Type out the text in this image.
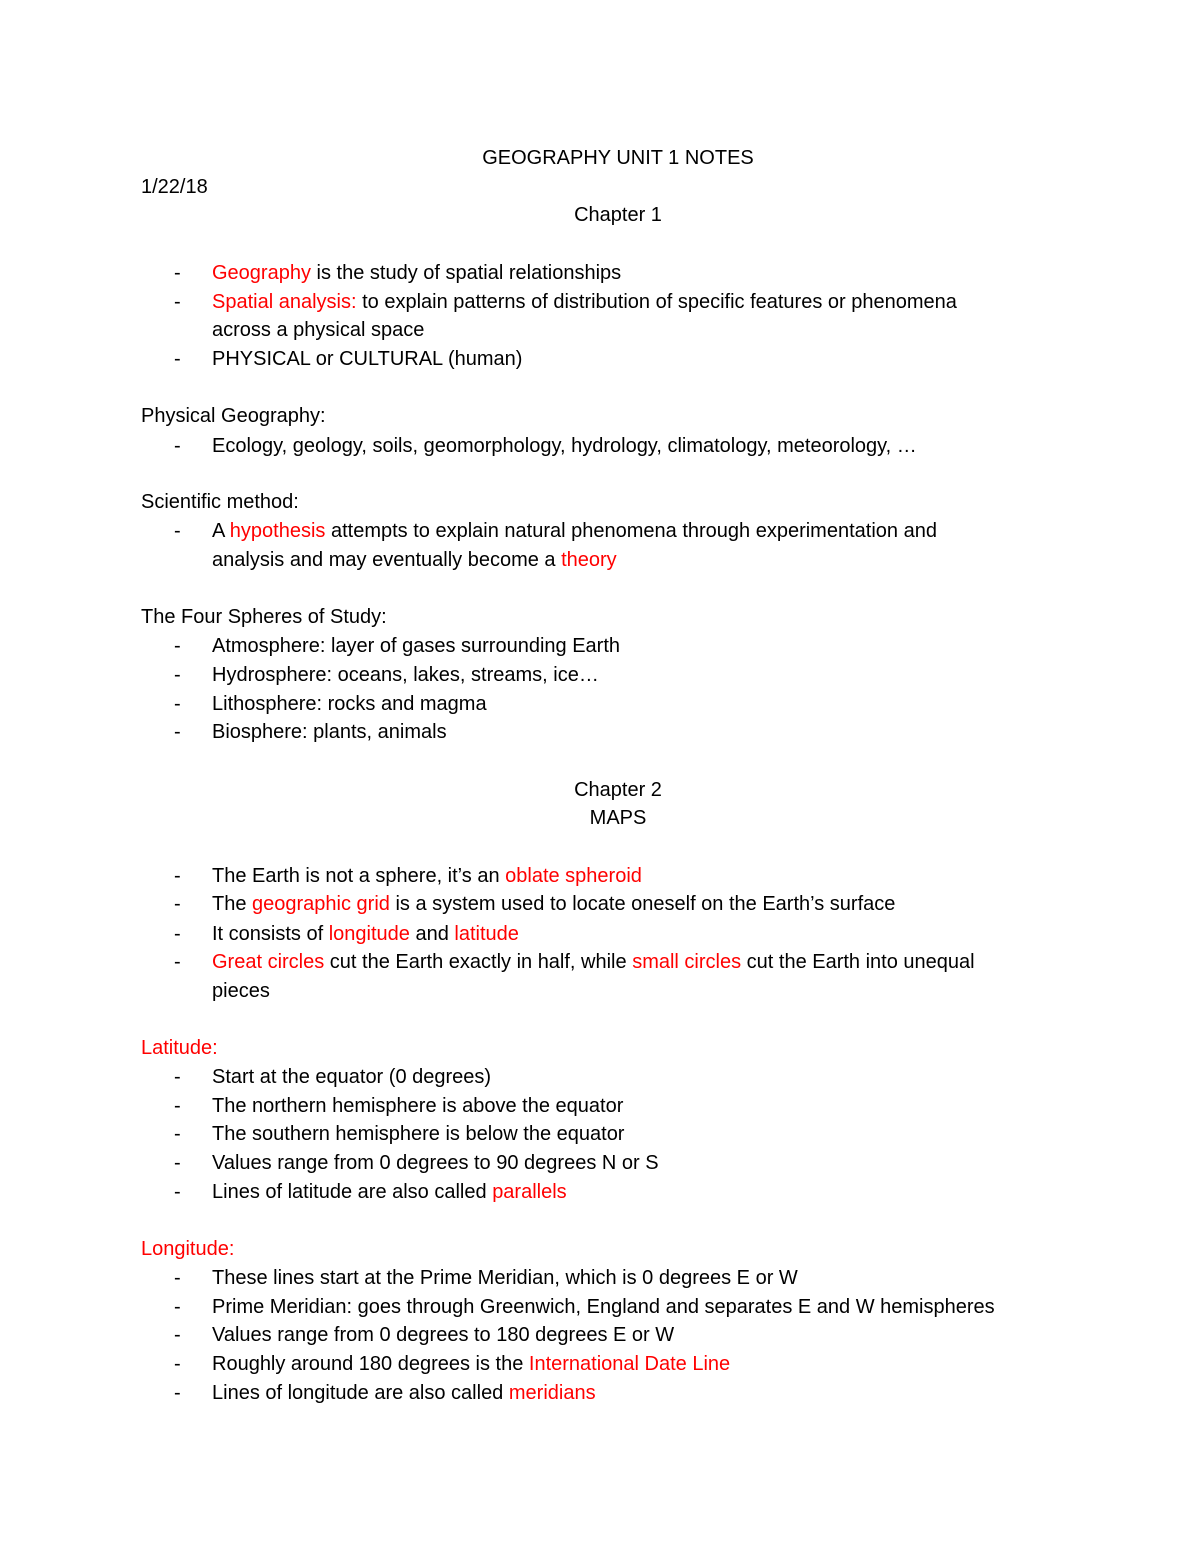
GEOGRAPHY UNIT 1 NOTES
1/22/18
Chapter 1
- Geography is the study of spatial relationships
- Spatial analysis: to explain patterns of distribution of specific features or phenomena
across a physical space
- PHYSICAL or CULTURAL (human)
Physical Geography:
- Ecology, geology, soils, geomorphology, hydrology, climatology, meteorology, …
Scientific method:
- A hypothesis attempts to explain natural phenomena through experimentation and
analysis and may eventually become a theory
The Four Spheres of Study:
- Atmosphere: layer of gases surrounding Earth
- Hydrosphere: oceans, lakes, streams, ice…
- Lithosphere: rocks and magma
- Biosphere: plants, animals
Chapter 2
MAPS
- The Earth is not a sphere, it’s an oblate spheroid
- The geographic grid is a system used to locate oneself on the Earth’s surface
- It consists of longitude and latitude
- Great circles cut the Earth exactly in half, while small circles cut the Earth into unequal
pieces
Latitude:
- Start at the equator (0 degrees)
- The northern hemisphere is above the equator
- The southern hemisphere is below the equator
- Values range from 0 degrees to 90 degrees N or S
- Lines of latitude are also called parallels
Longitude:
- These lines start at the Prime Meridian, which is 0 degrees E or W
- Prime Meridian: goes through Greenwich, England and separates E and W hemispheres
- Values range from 0 degrees to 180 degrees E or W
- Roughly around 180 degrees is the International Date Line
- Lines of longitude are also called meridians
